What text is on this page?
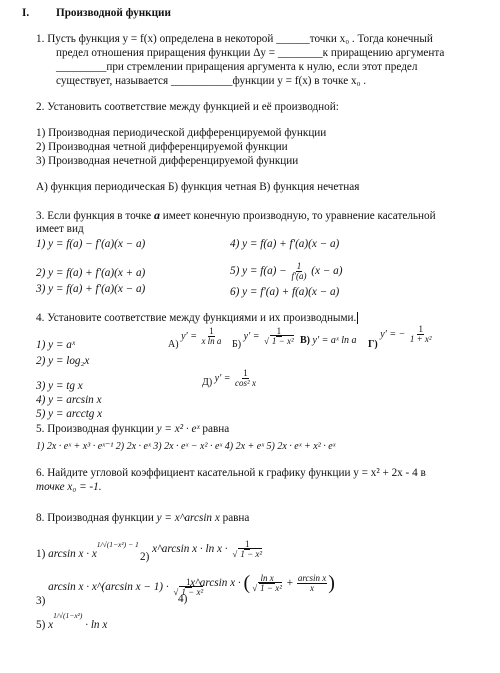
I. Производной функции
1. Пусть функция у = f(x) определена в некоторой ______точки х₀ . Тогда конечный
предел отношения приращения функции Δу = ________к приращению аргумента
_________при стремлении приращения аргумента к нулю, если этот предел
существует, называется ___________функции у = f(x) в точке х₀ .
2. Установить соответствие между функцией и её производной:
1) Производная периодической дифференцируемой функции
2) Производная четной дифференцируемой функции
3) Производная нечетной дифференцируемой функции
А) функция периодическая Б) функция четная В) функция нечетная
3. Если функция в точке a имеет конечную производную, то уравнение касательной
имеет вид
1) y = f(a) − f′(a)(x − a)	4) y = f(a) + f′(a)(x − a)
2) y = f(a) + f′(a)(x + a)	5) $y = f(a) - \frac{1}{f'(a)} (x - a)$
3) y = f(a) + f′(a)(x − a)	6) y = f′(a) + f(a)(x − a)
4. Установите соответствие между функциями и их производными.
1) y = aˣ
2) y = log₂x
3) y = tg x
4) y = arcsin x
5) y = arcctg x
А) $y' = \frac{1}{\text{x ln a}} Б$) $y' = \frac{1}{\text{√ 1 − x²}} В$) y′ = aˣ ln a Г) y′ = − $\frac{1}{\text{1 + x²}}$
Д) $y' = \frac{1}{\text{cos² x}}$
5. Производная функции y = x² · eˣ равна
1) 2x · eˣ + x³ · eˣ⁻¹ 2) 2x · eˣ 3) 2x · eˣ − x² · eˣ 4) 2x + eˣ 5) 2x · eˣ + x² · eˣ
6. Найдите угловой коэффициент касательной к графику функции y = x² + 2x - 4 в
точке x₀ = -1.
8. Производная функции y = x^arcsin x равна
1) $\arcsin x \cdot x^{1/√(1-x^2) - 1}$
2) x^arcsin $x \cdot \ln x \cdot \frac{1}{\text{√ 1 − x²}}$
3) arcsin x · x^(arcsin $x - 1) \cdot \frac{1}{\text{√ 1 − x²}}$
4) x^arcsin x · ( $\frac{\text{ln x}}{\text{√ 1 − x²}} + \frac{\text{arcsin x}}{x}$ )
5) $x^{1/√(1-x^2)} \cdot \ln x$
